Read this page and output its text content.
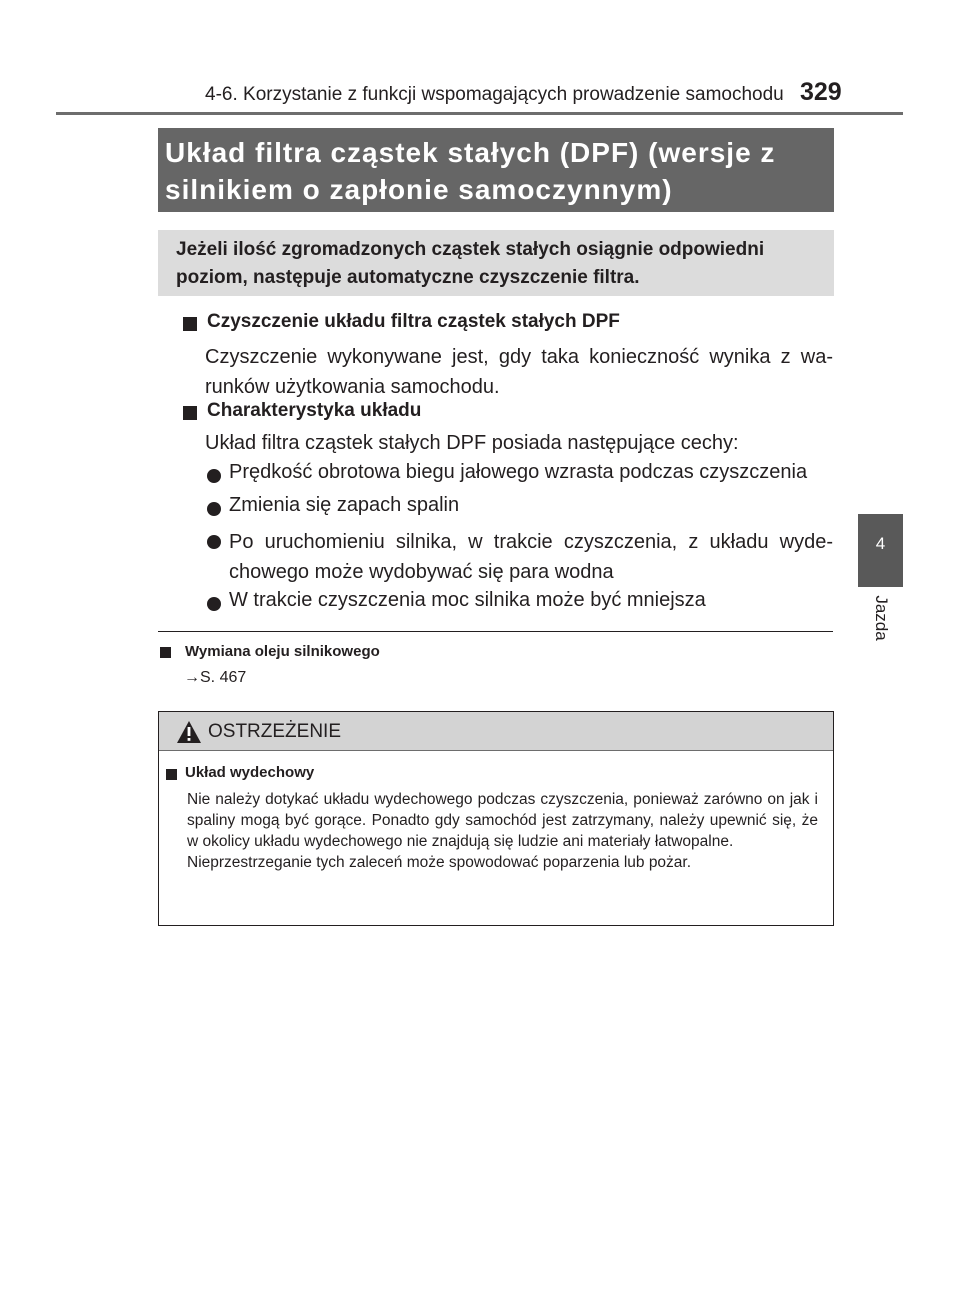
4-6. Korzystanie z funkcji wspomagających prowadzenie samochodu 329
4
Jazda
Układ filtra cząstek stałych (DPF) (wersje z silnikiem o zapłonie samoczynnym)
Jeżeli ilość zgromadzonych cząstek stałych osiągnie odpowiedni poziom, następuje automatyczne czyszczenie filtra.
Czyszczenie układu filtra cząstek stałych DPF
Czyszczenie wykonywane jest, gdy taka konieczność wynika z wa-runków użytkowania samochodu.
Charakterystyka układu
Układ filtra cząstek stałych DPF posiada następujące cechy:
Prędkość obrotowa biegu jałowego wzrasta podczas czyszczenia
Zmienia się zapach spalin
Po uruchomieniu silnika, w trakcie czyszczenia, z układu wyde-chowego może wydobywać się para wodna
W trakcie czyszczenia moc silnika może być mniejsza
Wymiana oleju silnikowego
→S. 467
OSTRZEŻENIE
Układ wydechowy
Nie należy dotykać układu wydechowego podczas czyszczenia, ponieważ zarówno on jak i spaliny mogą być gorące. Ponadto gdy samochód jest zatrzymany, należy upewnić się, że w okolicy układu wydechowego nie znajdują się ludzie ani materiały łatwopalne.
Nieprzestrzeganie tych zaleceń może spowodować poparzenia lub pożar.
